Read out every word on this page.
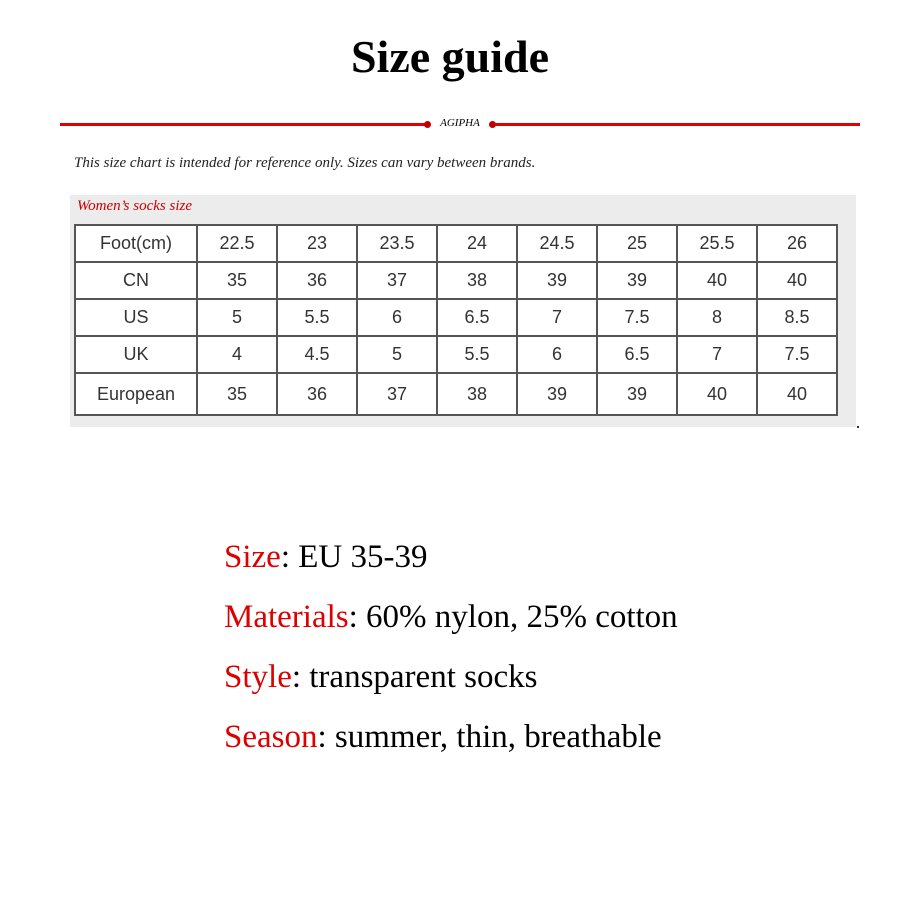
Size guide
AGIPHA
This size chart is intended for reference only. Sizes can vary between brands.
Women’s socks size
Foot(cm)	22.5	23	23.5	24	24.5	25	25.5	26
CN	35	36	37	38	39	39	40	40
US	5	5.5	6	6.5	7	7.5	8	8.5
UK	4	4.5	5	5.5	6	6.5	7	7.5
European	35	36	37	38	39	39	40	40
Size: EU 35-39
Materials: 60% nylon, 25% cotton
Style: transparent socks
Season: summer, thin, breathable
